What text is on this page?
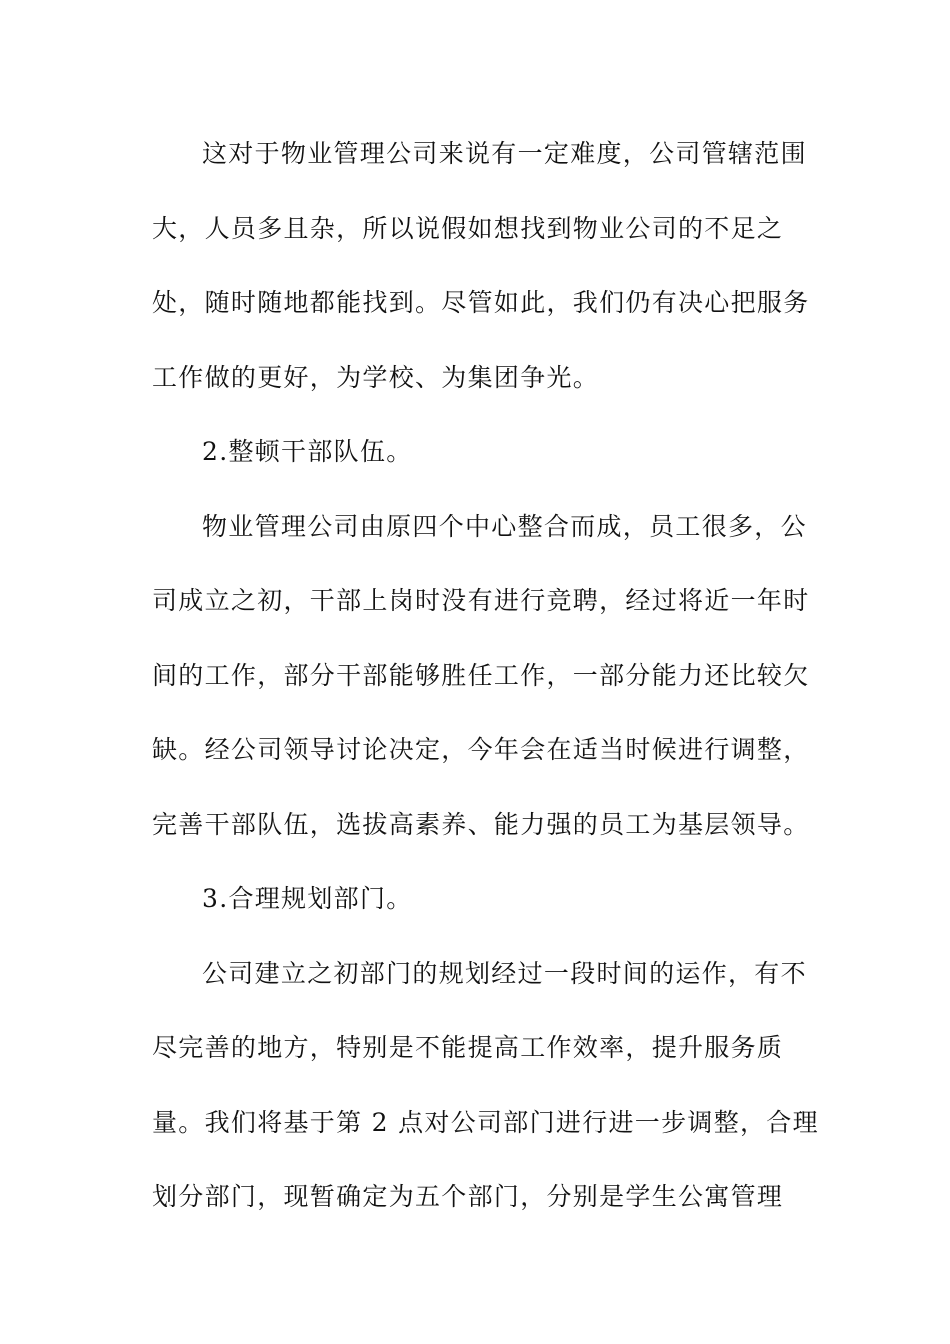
这对于物业管理公司来说有一定难度，公司管辖范围
大，人员多且杂，所以说假如想找到物业公司的不足之
处，随时随地都能找到。尽管如此，我们仍有决心把服务
工作做的更好，为学校、为集团争光。
2.整顿干部队伍。
物业管理公司由原四个中心整合而成，员工很多，公
司成立之初，干部上岗时没有进行竞聘，经过将近一年时
间的工作，部分干部能够胜任工作，一部分能力还比较欠
缺。经公司领导讨论决定，今年会在适当时候进行调整，
完善干部队伍，选拔高素养、能力强的员工为基层领导。
3.合理规划部门。
公司建立之初部门的规划经过一段时间的运作，有不
尽完善的地方，特别是不能提高工作效率，提升服务质
量。我们将基于第 2 点对公司部门进行进一步调整，合理
划分部门，现暂确定为五个部门，分别是学生公寓管理
